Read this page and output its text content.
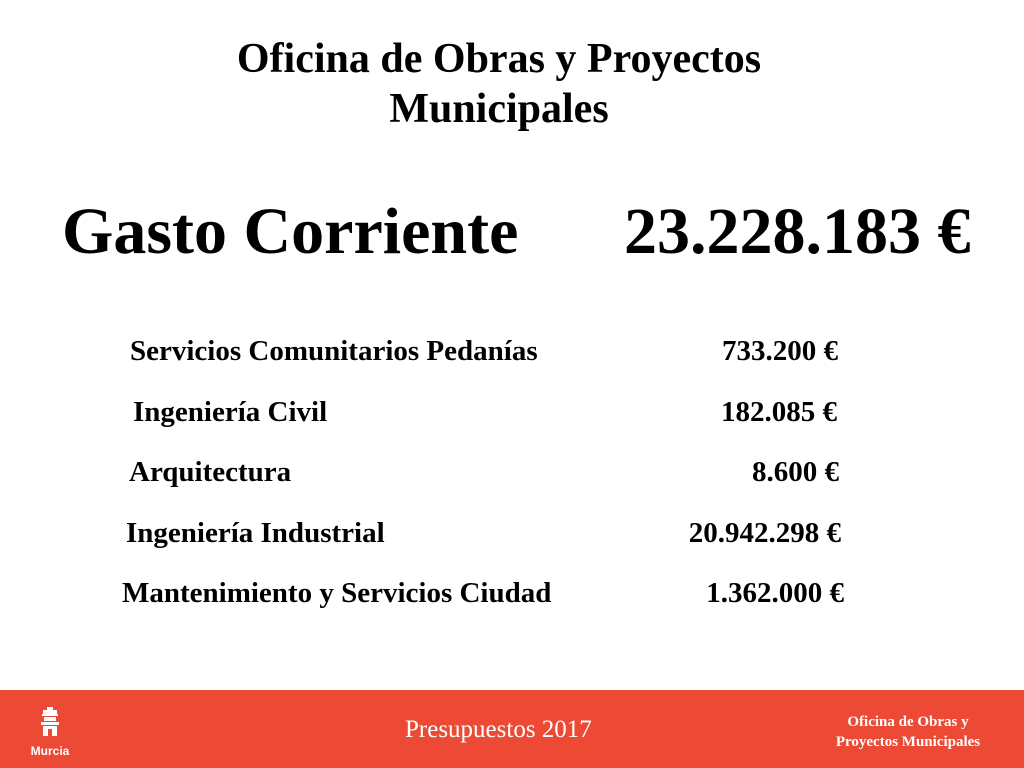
Oficina de Obras y Proyectos
Municipales
Gasto Corriente 23.228.183 €
Servicios Comunitarios Pedanías	733.200 €
Ingeniería Civil	182.085 €
Arquitectura	8.600 €
Ingeniería Industrial	20.942.298 €
Mantenimiento y Servicios Ciudad	1.362.000 €
Murcia
Presupuestos 2017	Oficina de Obras y
Proyectos Municipales
